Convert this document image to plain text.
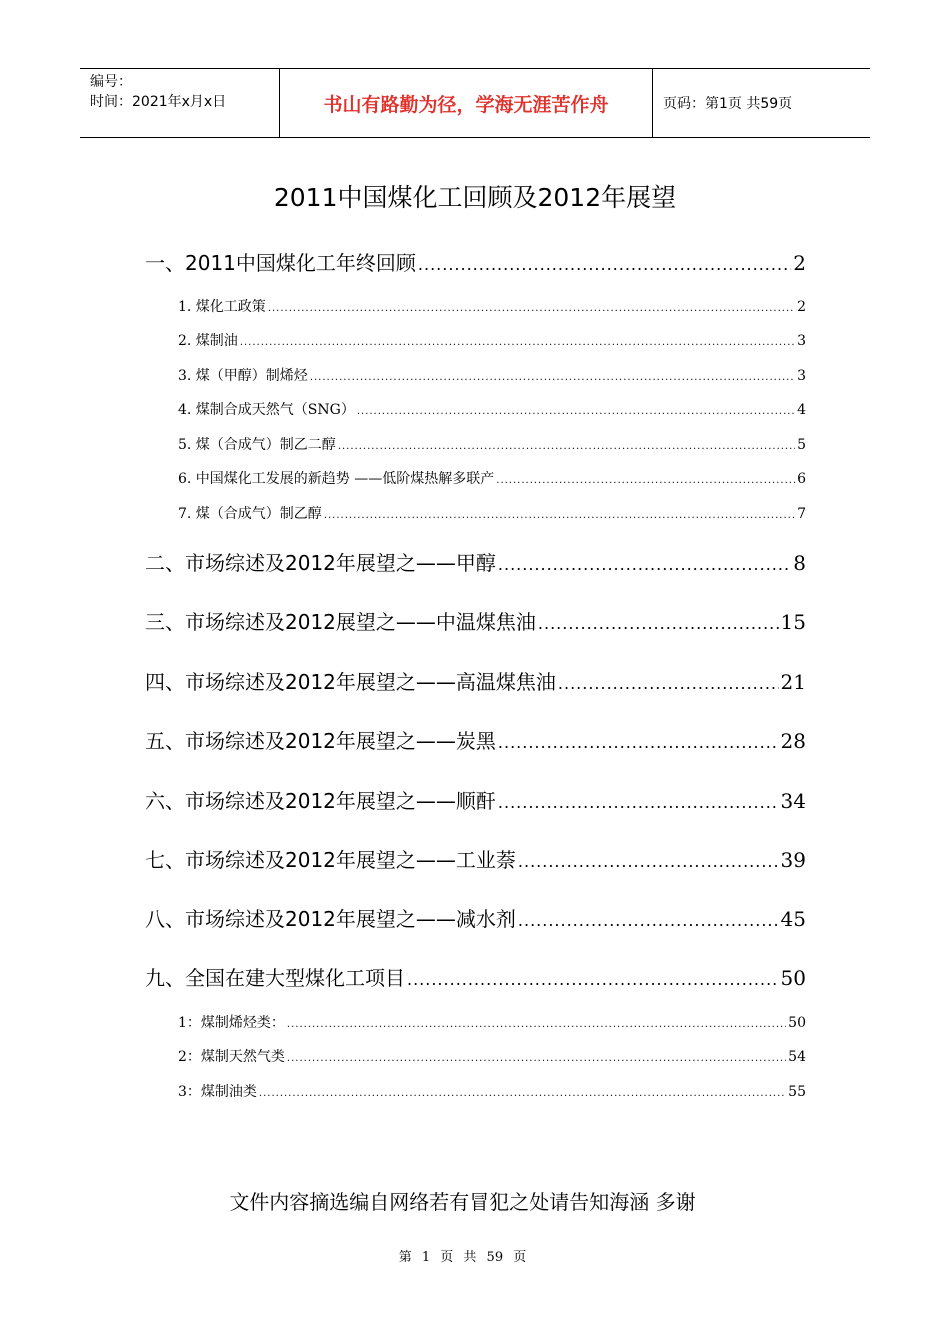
编号：
时间：2021年x月x日	书山有路勤为径，学海无涯苦作舟	页码：第1页 共59页
2011中国煤化工回顾及2012年展望
一、2011中国煤化工年终回顾 .....	2
1. 煤化工政策 .....	2
2. 煤制油 .....	3
3. 煤（甲醇）制烯烃 .....	3
4. 煤制合成天然气（SNG） .....	4
5. 煤（合成气）制乙二醇 .....	5
6. 中国煤化工发展的新趋势 ——低阶煤热解多联产 .....	6
7. 煤（合成气）制乙醇 .....	7
二、市场综述及2012年展望之——甲醇 .....	8
三、市场综述及2012展望之——中温煤焦油 .....	15
四、市场综述及2012年展望之——高温煤焦油 .....	21
五、市场综述及2012年展望之——炭黑 .....	28
六、市场综述及2012年展望之——顺酐 .....	34
七、市场综述及2012年展望之——工业萘 .....	39
八、市场综述及2012年展望之——减水剂 .....	45
九、全国在建大型煤化工项目 .....	50
1：煤制烯烃类： .....	50
2：煤制天然气类 .....	54
3：煤制油类 .....	55
文件内容摘选编自网络若有冒犯之处请告知海涵 多谢
第 1 页 共 59 页
